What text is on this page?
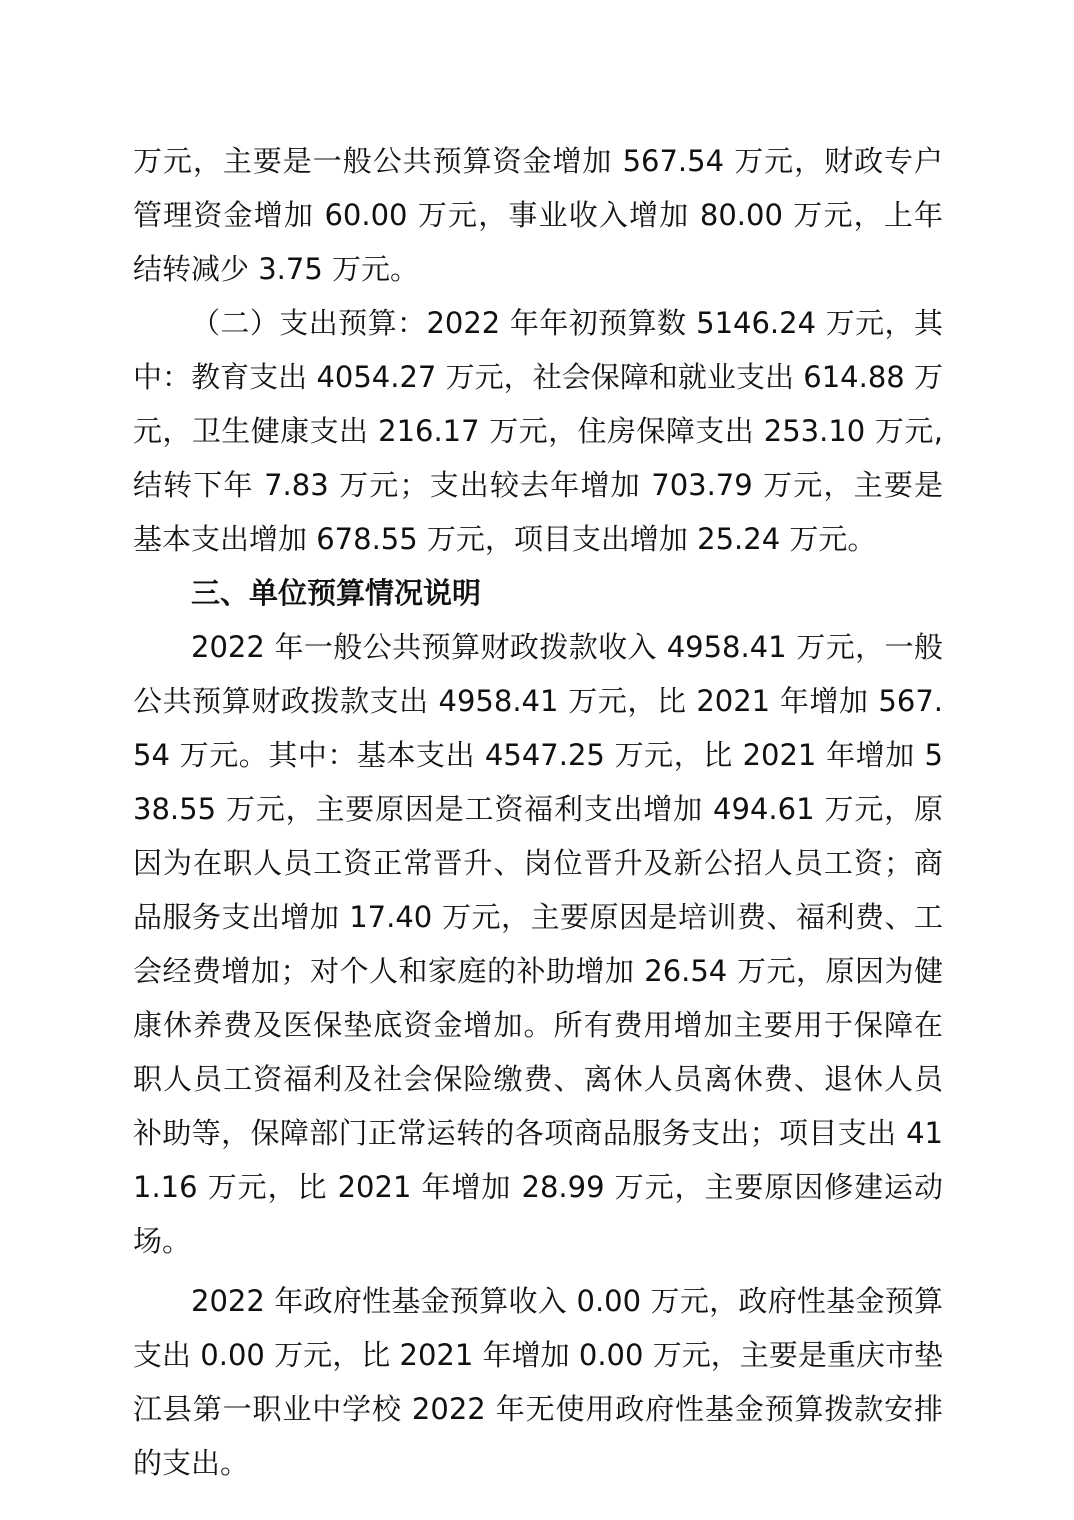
万元，主要是一般公共预算资金增加 567.54 万元，财政专户管理资金增加 60.00 万元，事业收入增加 80.00 万元，上年结转减少 3.75 万元。

（二）支出预算：2022 年年初预算数 5146.24 万元，其中：教育支出 4054.27 万元，社会保障和就业支出 614.88 万元，卫生健康支出 216.17 万元，住房保障支出 253.10 万元,结转下年 7.83 万元；支出较去年增加 703.79 万元，主要是基本支出增加 678.55 万元，项目支出增加 25.24 万元。

三、单位预算情况说明

2022 年一般公共预算财政拨款收入 4958.41 万元，一般公共预算财政拨款支出 4958.41 万元，比 2021 年增加 567.54 万元。其中：基本支出 4547.25 万元，比 2021 年增加 538.55 万元，主要原因是工资福利支出增加 494.61 万元，原因为在职人员工资正常晋升、岗位晋升及新公招人员工资；商品服务支出增加 17.40 万元，主要原因是培训费、福利费、工会经费增加；对个人和家庭的补助增加 26.54 万元，原因为健康休养费及医保垫底资金增加。所有费用增加主要用于保障在职人员工资福利及社会保险缴费、离休人员离休费、退休人员补助等，保障部门正常运转的各项商品服务支出；项目支出 411.16 万元，比 2021 年增加 28.99 万元，主要原因修建运动场。

2022 年政府性基金预算收入 0.00 万元，政府性基金预算支出 0.00 万元，比 2021 年增加 0.00 万元，主要是重庆市垫江县第一职业中学校 2022 年无使用政府性基金预算拨款安排的支出。
